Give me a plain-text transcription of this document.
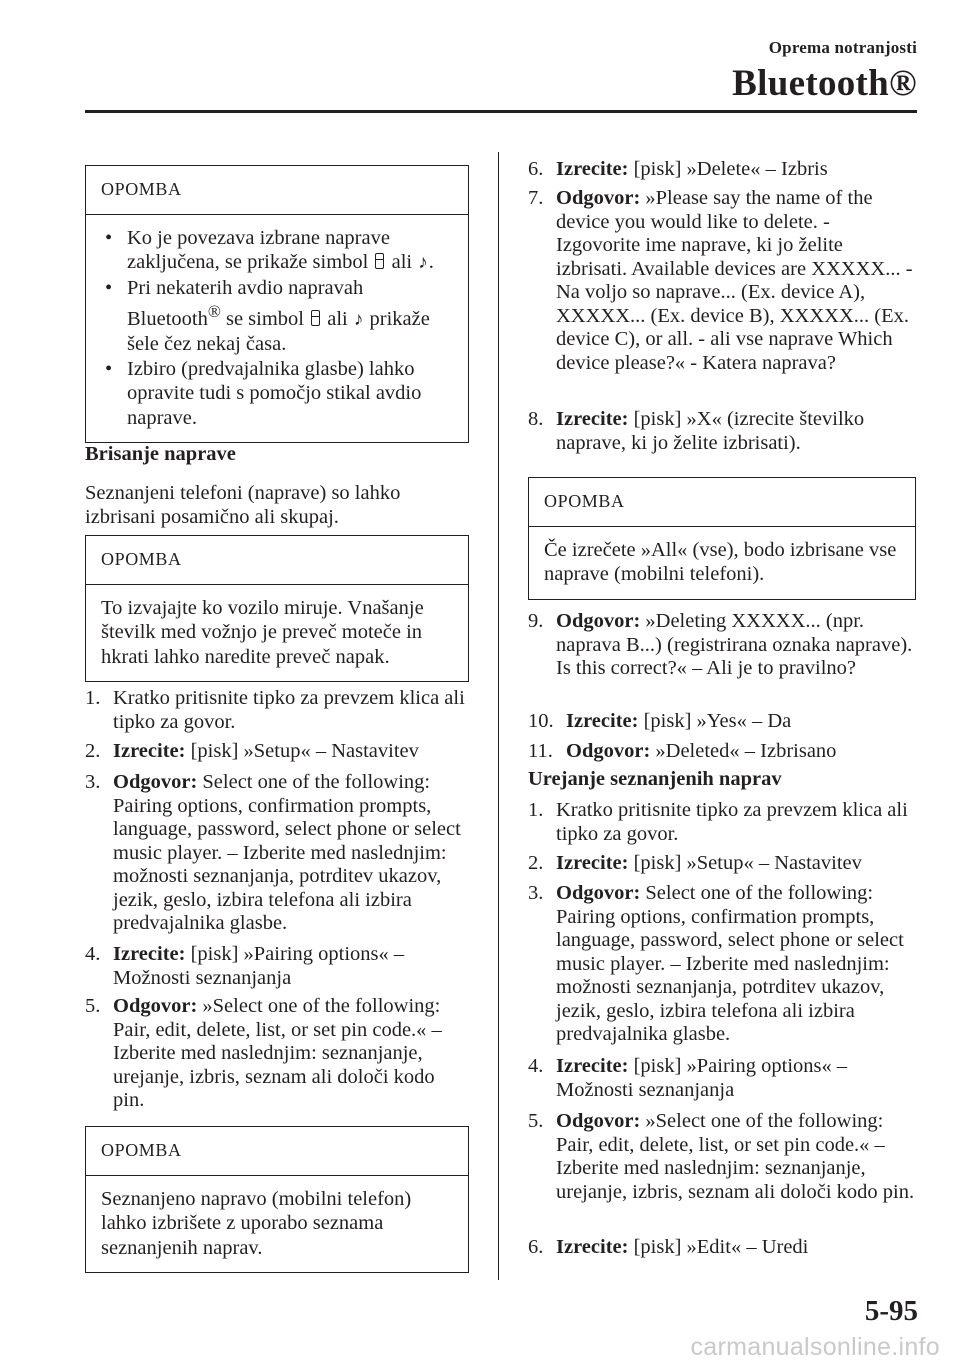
Oprema notranjosti
Bluetooth®
OPOMBA
• Ko je povezava izbrane naprave zaključena, se prikaže simbol ali ♪.
• Pri nekaterih avdio napravah Bluetooth® se simbol ali ♪ prikaže šele čez nekaj časa.
• Izbiro (predvajalnika glasbe) lahko opravite tudi s pomočjo stikal avdio naprave.
Brisanje naprave
Seznanjeni telefoni (naprave) so lahko izbrisani posamično ali skupaj.
OPOMBA
To izvajajte ko vozilo miruje. Vnašanje številk med vožnjo je preveč moteče in hkrati lahko naredite preveč napak.
1. Kratko pritisnite tipko za prevzem klica ali tipko za govor.
2. Izrecite: [pisk] »Setup« – Nastavitev
3. Odgovor: Select one of the following: Pairing options, confirmation prompts, language, password, select phone or select music player. – Izberite med naslednjim: možnosti seznanjanja, potrditev ukazov, jezik, geslo, izbira telefona ali izbira predvajalnika glasbe.
4. Izrecite: [pisk] »Pairing options« – Možnosti seznanjanja
5. Odgovor: »Select one of the following: Pair, edit, delete, list, or set pin code.« – Izberite med naslednjim: seznanjanje, urejanje, izbris, seznam ali določi kodo pin.
OPOMBA
Seznanjeno napravo (mobilni telefon) lahko izbrišete z uporabo seznama seznanjenih naprav.
6. Izrecite: [pisk] »Delete« – Izbris
7. Odgovor: »Please say the name of the device you would like to delete. - Izgovorite ime naprave, ki jo želite izbrisati. Available devices are XXXXX... - Na voljo so naprave... (Ex. device A), XXXXX... (Ex. device B), XXXXX... (Ex. device C), or all. - ali vse naprave Which device please?« - Katera naprava?
8. Izrecite: [pisk] »X« (izrecite številko naprave, ki jo želite izbrisati).
OPOMBA
Če izrečete »All« (vse), bodo izbrisane vse naprave (mobilni telefoni).
9. Odgovor: »Deleting XXXXX... (npr. naprava B...) (registrirana oznaka naprave). Is this correct?« – Ali je to pravilno?
10. Izrecite: [pisk] »Yes« – Da
11. Odgovor: »Deleted« – Izbrisano
Urejanje seznanjenih naprav
1. Kratko pritisnite tipko za prevzem klica ali tipko za govor.
2. Izrecite: [pisk] »Setup« – Nastavitev
3. Odgovor: Select one of the following: Pairing options, confirmation prompts, language, password, select phone or select music player. – Izberite med naslednjim: možnosti seznanjanja, potrditev ukazov, jezik, geslo, izbira telefona ali izbira predvajalnika glasbe.
4. Izrecite: [pisk] »Pairing options« – Možnosti seznanjanja
5. Odgovor: »Select one of the following: Pair, edit, delete, list, or set pin code.« – Izberite med naslednjim: seznanjanje, urejanje, izbris, seznam ali določi kodo pin.
6. Izrecite: [pisk] »Edit« – Uredi
5-95
carmanualsonline.info
